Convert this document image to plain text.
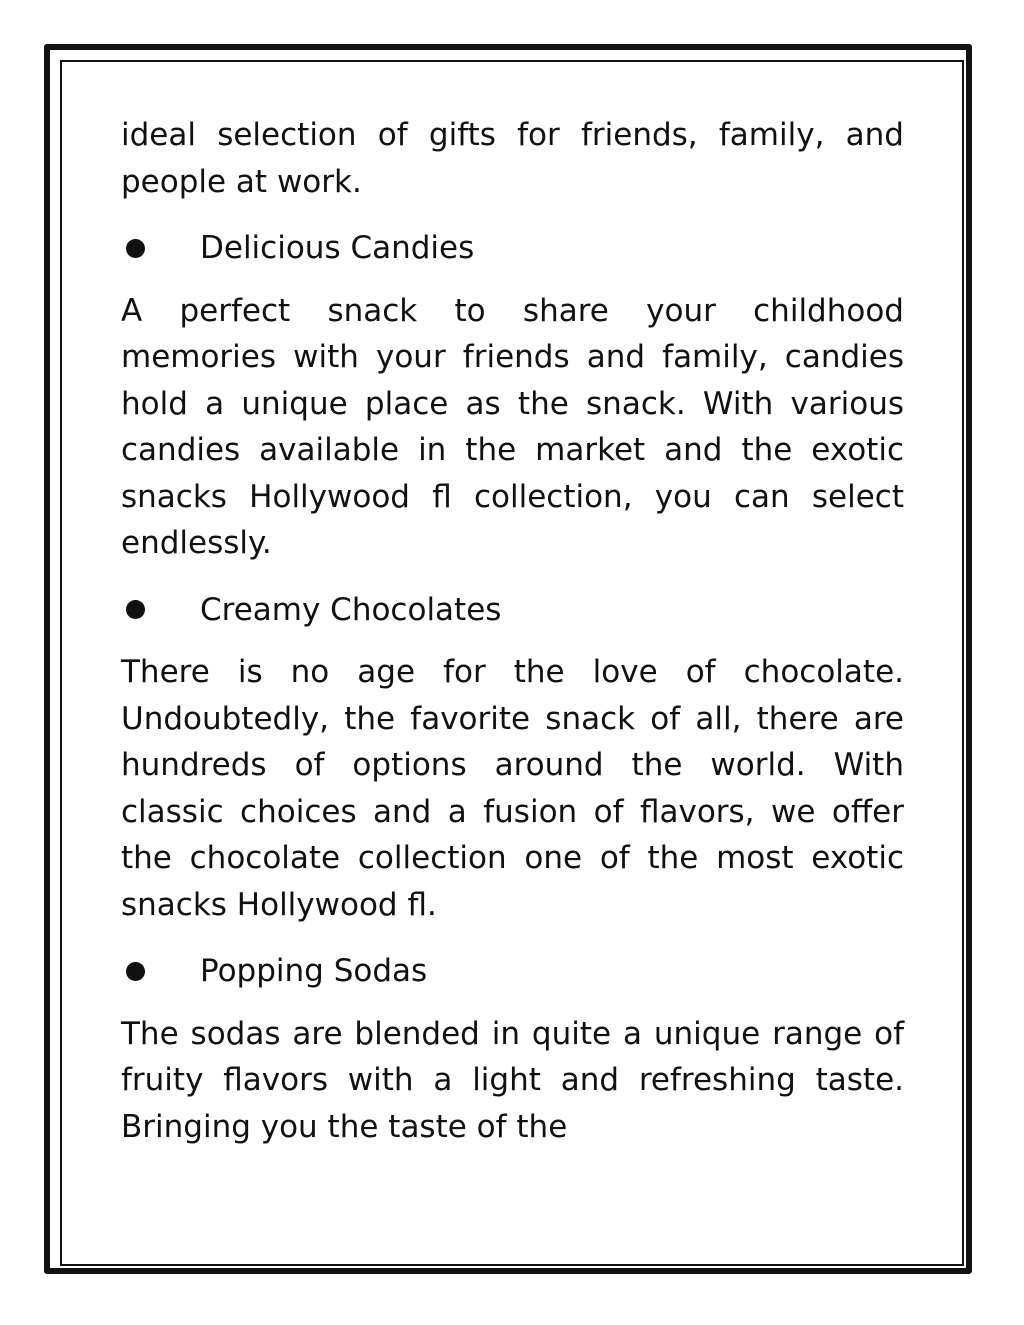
ideal selection of gifts for friends, family, and people at work.

Delicious Candies

A perfect snack to share your childhood memories with your friends and family, candies hold a unique place as the snack. With various candies available in the market and the exotic snacks Hollywood fl collection, you can select endlessly.

Creamy Chocolates

There is no age for the love of chocolate. Undoubtedly, the favorite snack of all, there are hundreds of options around the world. With classic choices and a fusion of flavors, we offer the chocolate collection one of the most exotic snacks Hollywood fl.

Popping Sodas

The sodas are blended in quite a unique range of fruity flavors with a light and refreshing taste. Bringing you the taste of the
